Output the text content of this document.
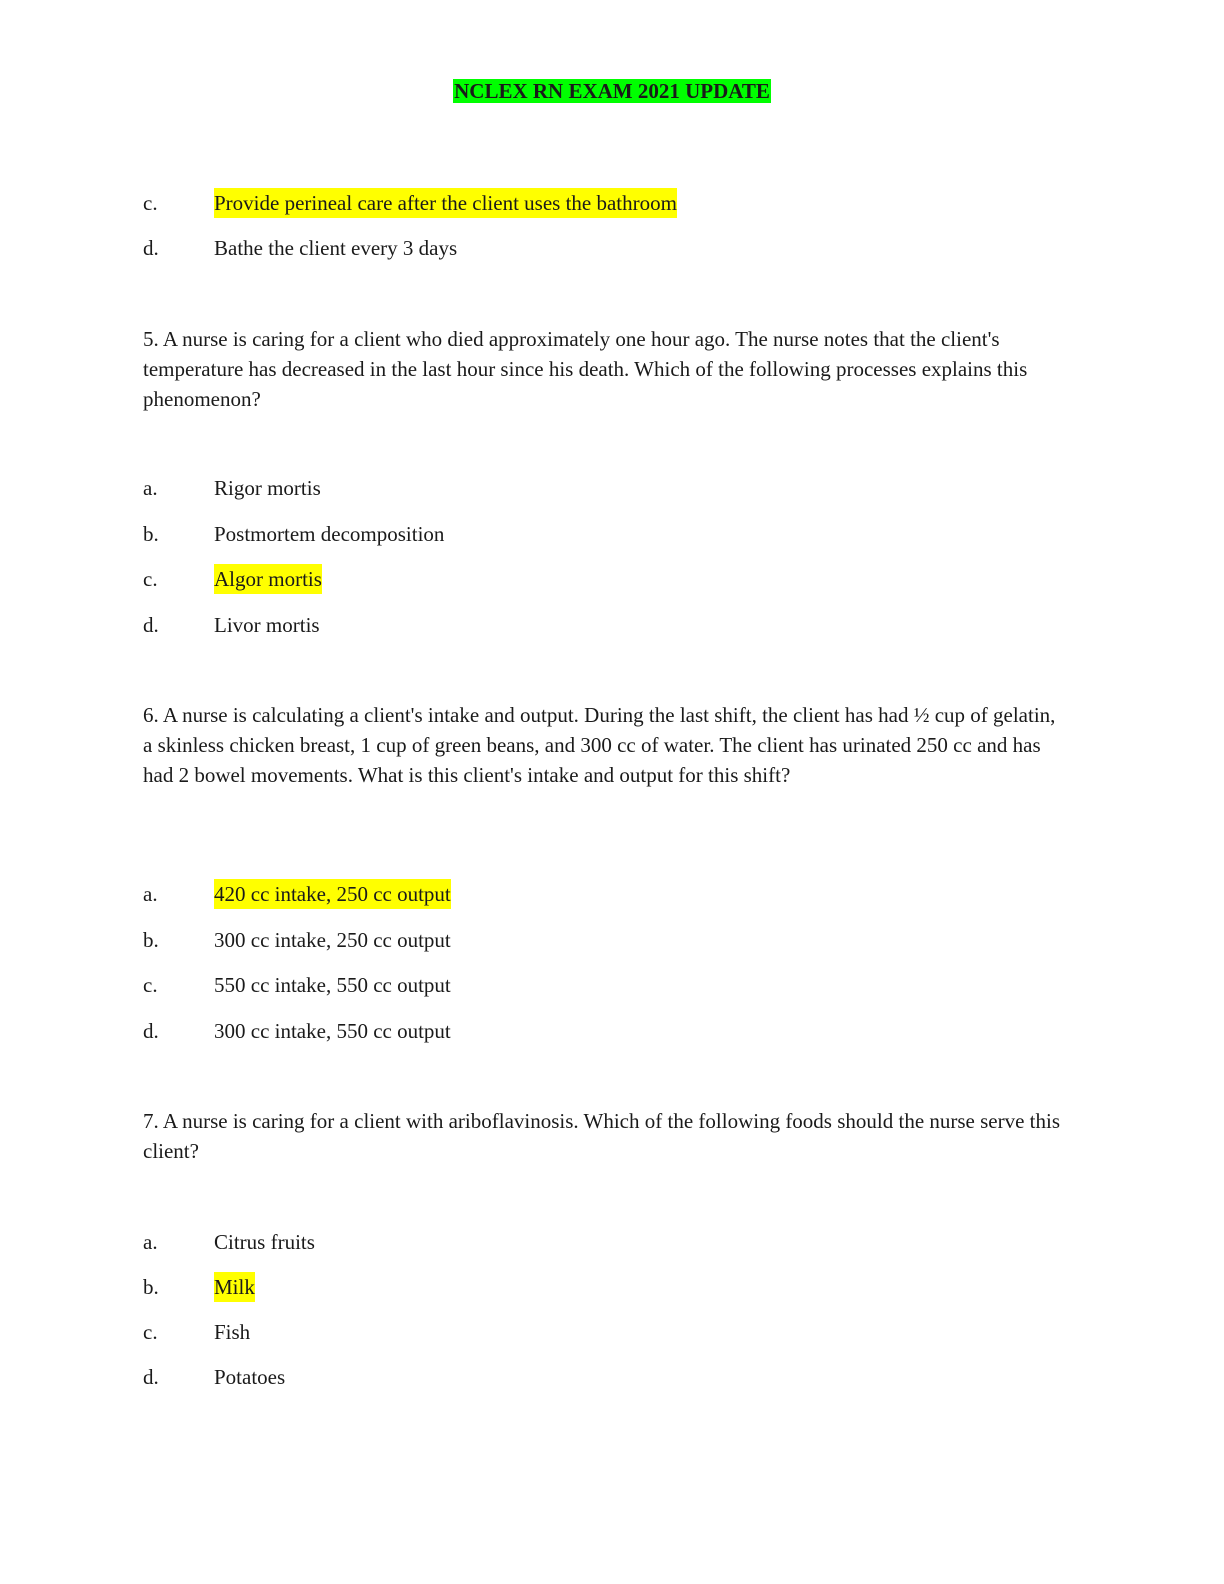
NCLEX RN EXAM 2021 UPDATE
c.	Provide perineal care after the client uses the bathroom
d.	Bathe the client every 3 days

5. A nurse is caring for a client who died approximately one hour ago. The nurse notes that the client's temperature has decreased in the last hour since his death. Which of the following processes explains this phenomenon?

a.	Rigor mortis
b.	Postmortem decomposition
c.	Algor mortis
d.	Livor mortis

6. A nurse is calculating a client's intake and output. During the last shift, the client has had ½ cup of gelatin, a skinless chicken breast, 1 cup of green beans, and 300 cc of water. The client has urinated 250 cc and has had 2 bowel movements. What is this client's intake and output for this shift?

a.	420 cc intake, 250 cc output
b.	300 cc intake, 250 cc output
c.	550 cc intake, 550 cc output
d.	300 cc intake, 550 cc output

7. A nurse is caring for a client with ariboflavinosis. Which of the following foods should the nurse serve this client?

a.	Citrus fruits
b.	Milk
c.	Fish
d.	Potatoes
